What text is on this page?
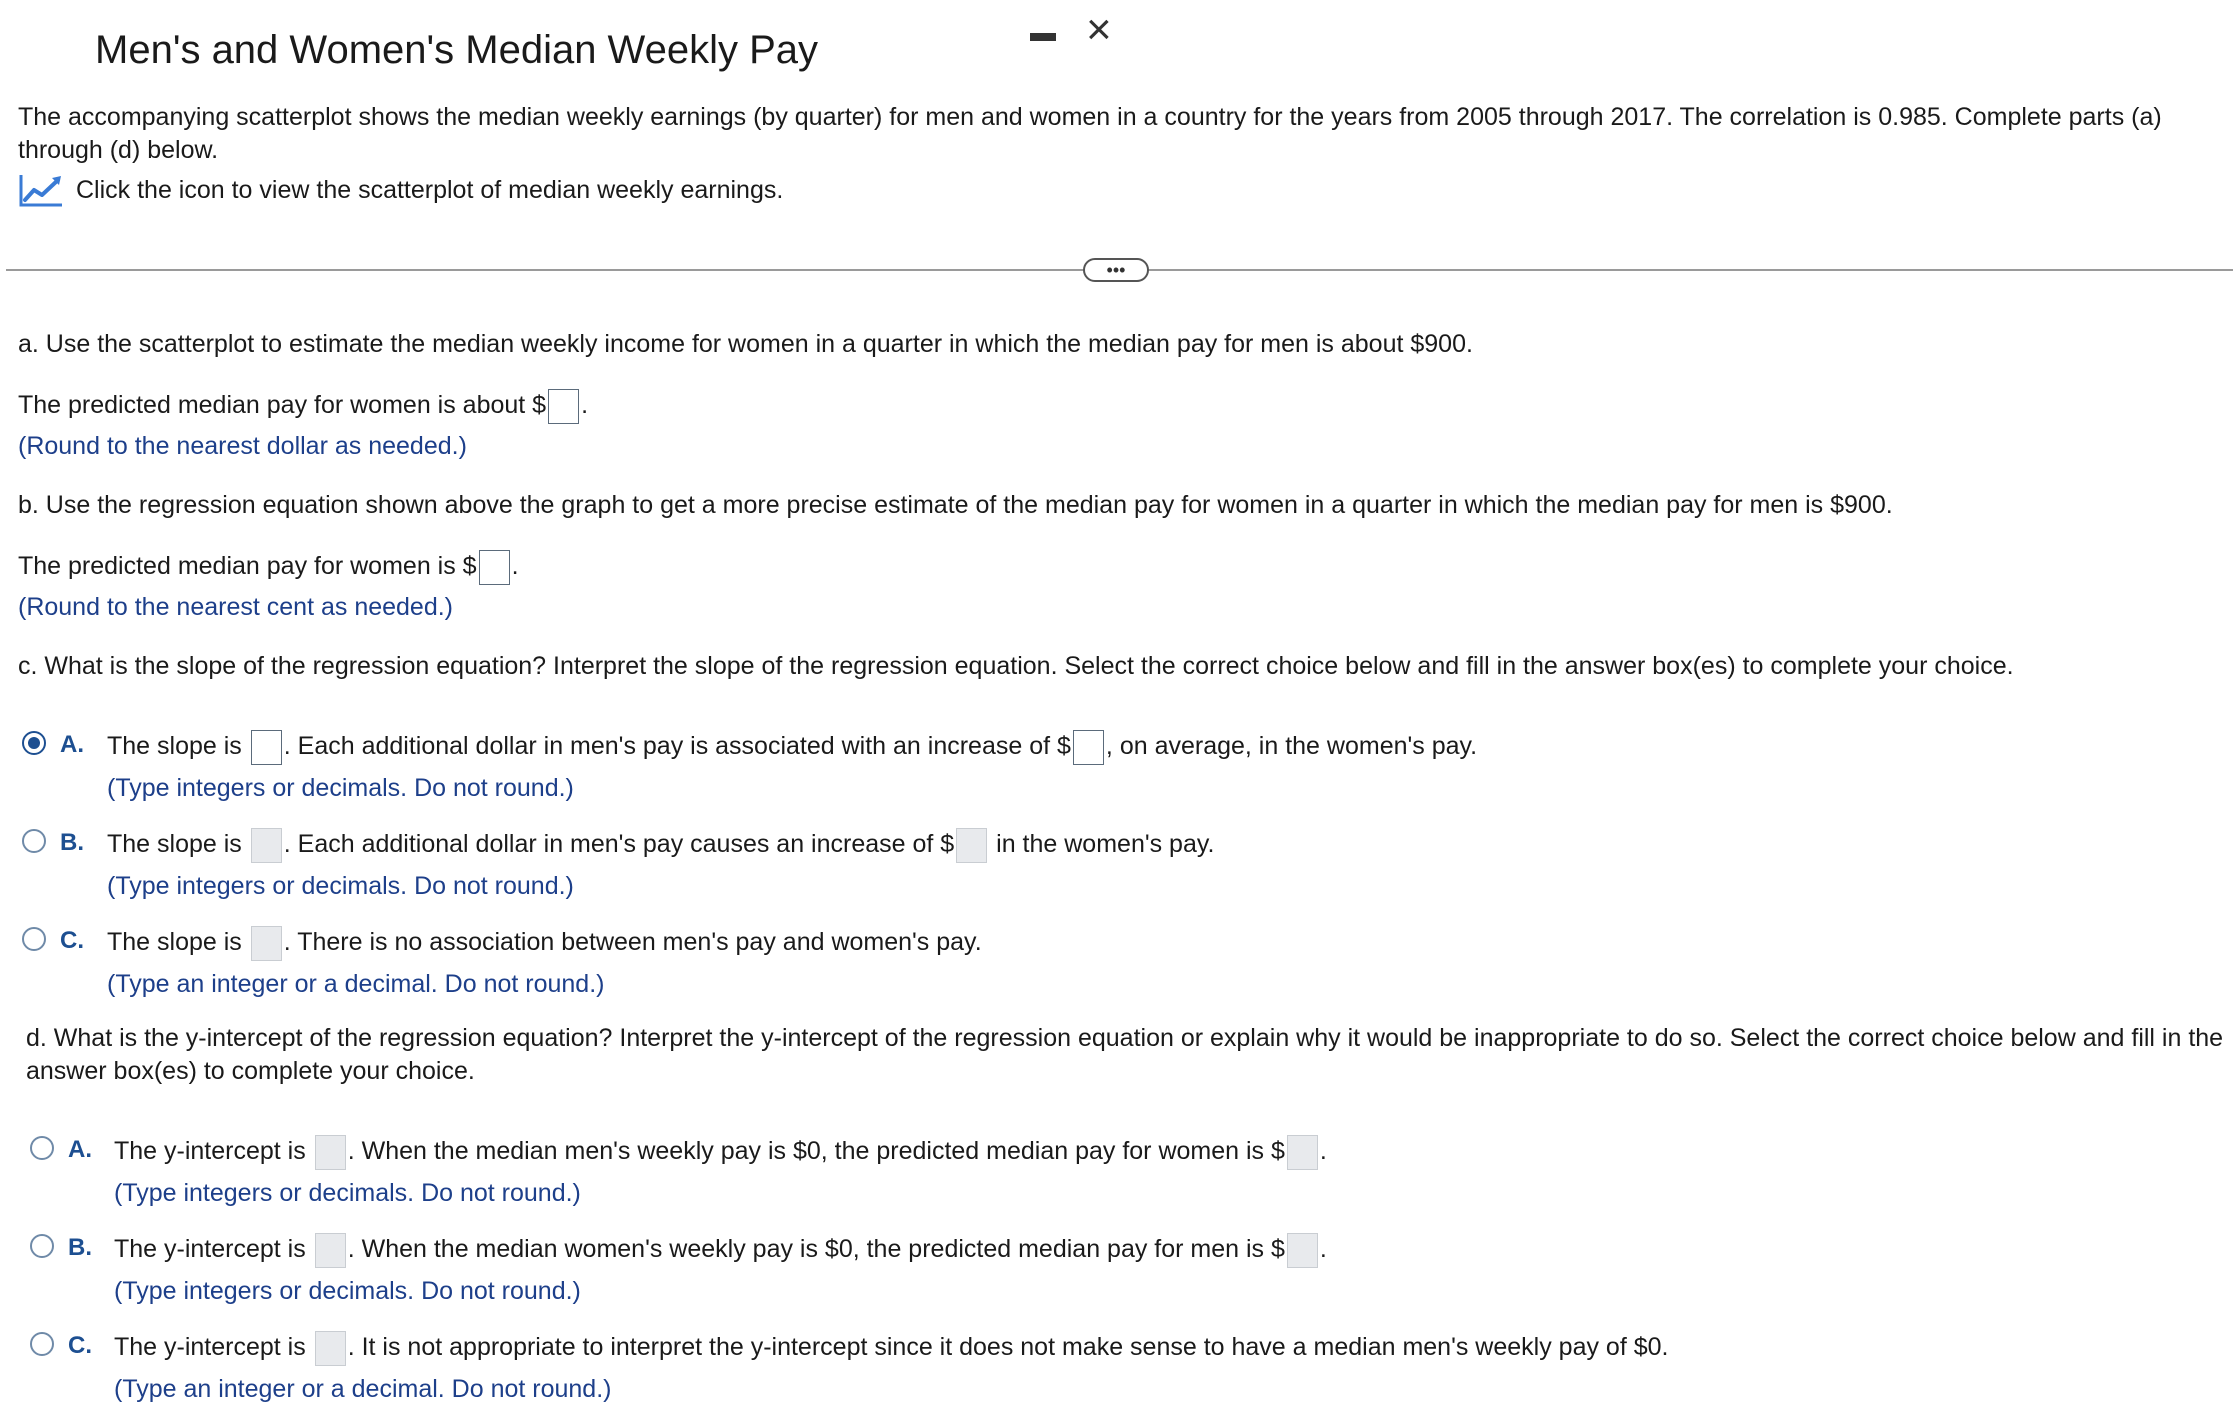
Men's and Women's Median Weekly Pay	×
The accompanying scatterplot shows the median weekly earnings (by quarter) for men and women in a country for the years from 2005 through 2017. The correlation is 0.985. Complete parts (a) through (d) below.
Click the icon to view the scatterplot of median weekly earnings.
•••
a. Use the scatterplot to estimate the median weekly income for women in a quarter in which the median pay for men is about $900.
The predicted median pay for women is about $ .
(Round to the nearest dollar as needed.)
b. Use the regression equation shown above the graph to get a more precise estimate of the median pay for women in a quarter in which the median pay for men is $900.
The predicted median pay for women is $ .
(Round to the nearest cent as needed.)
c. What is the slope of the regression equation? Interpret the slope of the regression equation. Select the correct choice below and fill in the answer box(es) to complete your choice.
A. The slope is . Each additional dollar in men's pay is associated with an increase of $ , on average, in the women's pay.
(Type integers or decimals. Do not round.)
B. The slope is . Each additional dollar in men's pay causes an increase of $ in the women's pay.
(Type integers or decimals. Do not round.)
C. The slope is . There is no association between men's pay and women's pay.
(Type an integer or a decimal. Do not round.)
d. What is the y-intercept of the regression equation? Interpret the y-intercept of the regression equation or explain why it would be inappropriate to do so. Select the correct choice below and fill in the answer box(es) to complete your choice.
A. The y-intercept is . When the median men's weekly pay is $0, the predicted median pay for women is $ .
(Type integers or decimals. Do not round.)
B. The y-intercept is . When the median women's weekly pay is $0, the predicted median pay for men is $ .
(Type integers or decimals. Do not round.)
C. The y-intercept is . It is not appropriate to interpret the y-intercept since it does not make sense to have a median men's weekly pay of $0.
(Type an integer or a decimal. Do not round.)
